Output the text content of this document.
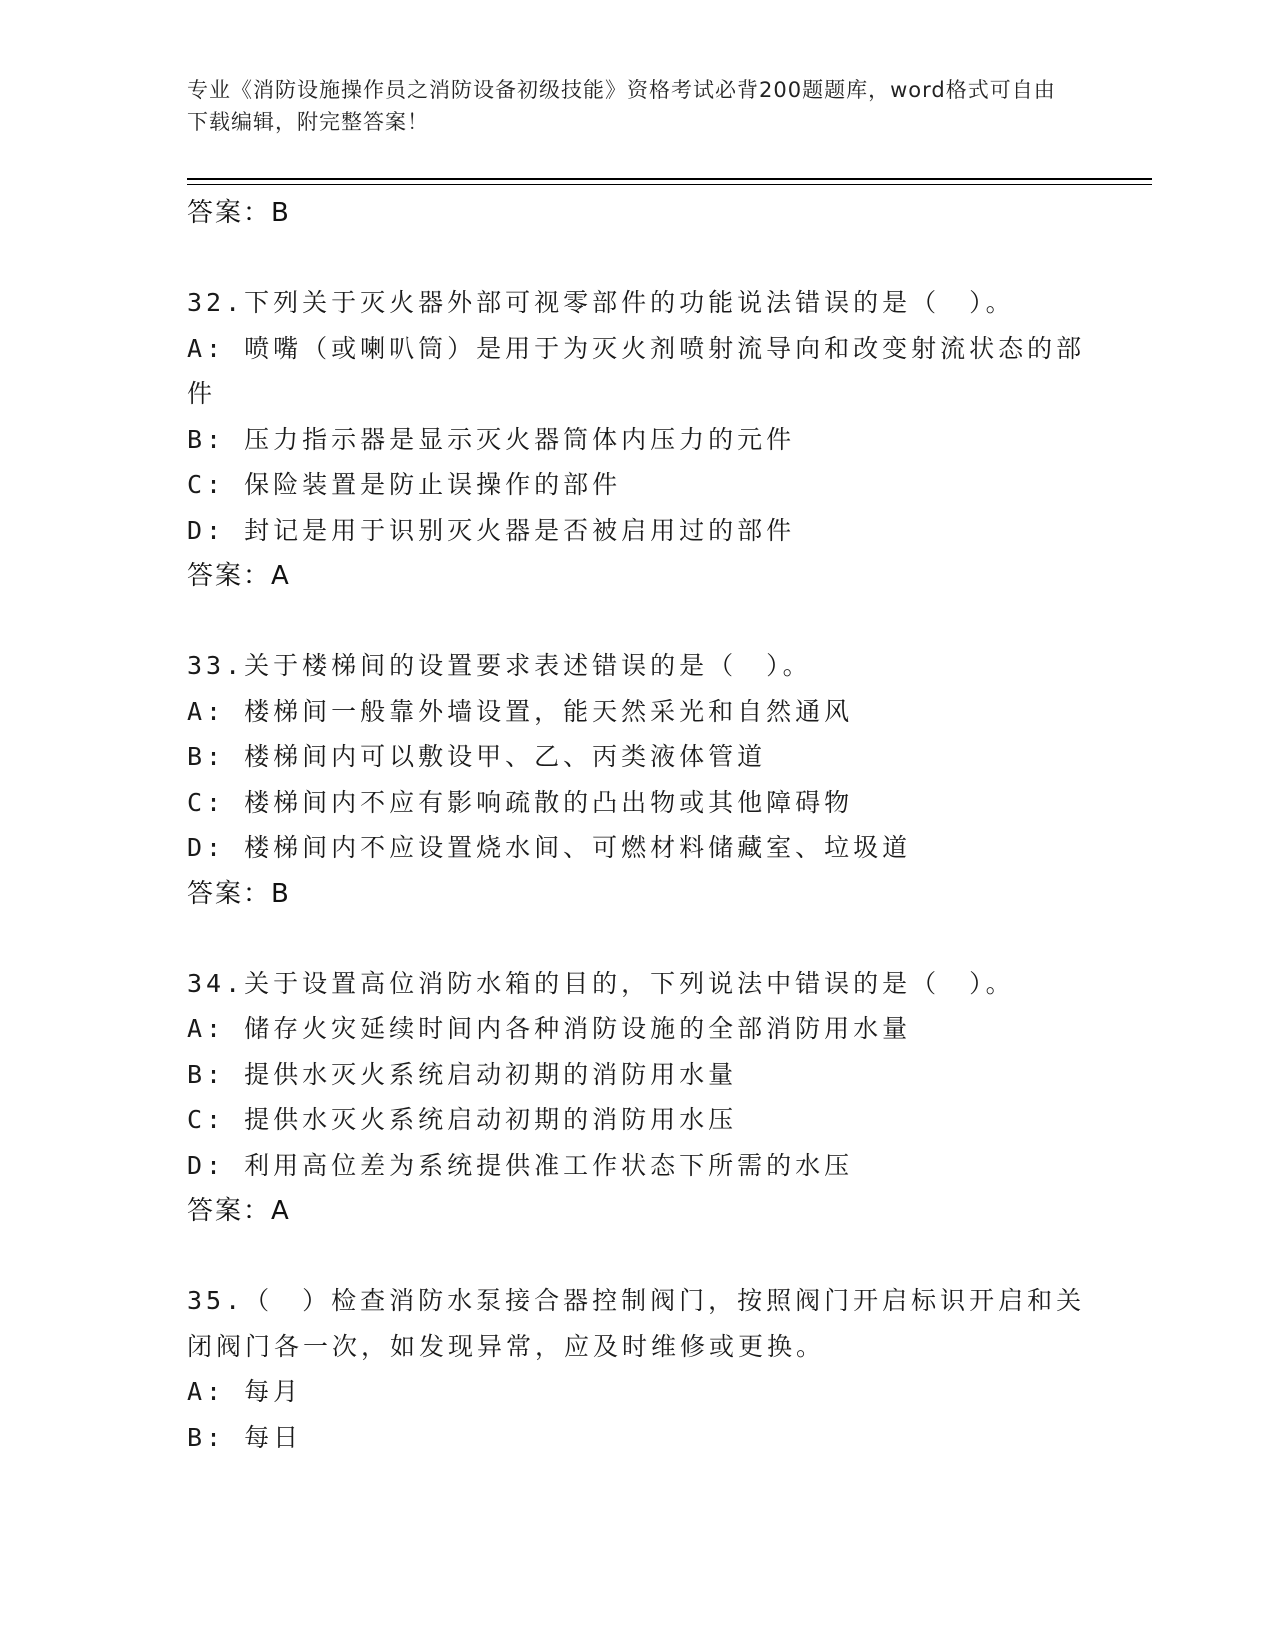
专业《消防设施操作员之消防设备初级技能》资格考试必背200题题库，word格式可自由下载编辑，附完整答案！
答案：B
32.下列关于灭火器外部可视零部件的功能说法错误的是（　）。
A: 喷嘴（或喇叭筒）是用于为灭火剂喷射流导向和改变射流状态的部件
B: 压力指示器是显示灭火器筒体内压力的元件
C: 保险装置是防止误操作的部件
D: 封记是用于识别灭火器是否被启用过的部件
答案：A
33.关于楼梯间的设置要求表述错误的是（　）。
A: 楼梯间一般靠外墙设置，能天然采光和自然通风
B: 楼梯间内可以敷设甲、乙、丙类液体管道
C: 楼梯间内不应有影响疏散的凸出物或其他障碍物
D: 楼梯间内不应设置烧水间、可燃材料储藏室、垃圾道
答案：B
34.关于设置高位消防水箱的目的，下列说法中错误的是（　）。
A: 储存火灾延续时间内各种消防设施的全部消防用水量
B: 提供水灭火系统启动初期的消防用水量
C: 提供水灭火系统启动初期的消防用水压
D: 利用高位差为系统提供准工作状态下所需的水压
答案：A
35.（　）检查消防水泵接合器控制阀门，按照阀门开启标识开启和关闭阀门各一次，如发现异常，应及时维修或更换。
A: 每月
B: 每日
